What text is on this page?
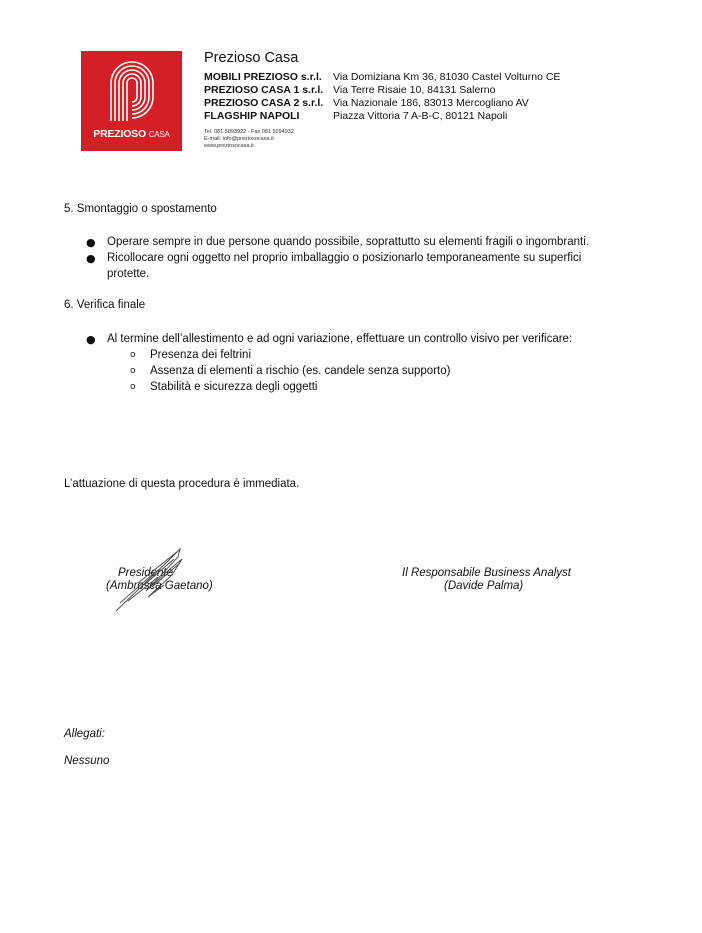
PREZIOSO CASA
Prezioso Casa
MOBILI PREZIOSO s.r.l. Via Domiziana Km 36, 81030 Castel Volturno CE
PREZIOSO CASA 1 s.r.l. Via Terre Risaie 10, 84131 Salerno
PREZIOSO CASA 2 s.r.l. Via Nazionale 186, 83013 Mercogliano AV
FLAGSHIP NAPOLI	Piazza Vittoria 7 A-B-C, 80121 Napoli
Tel. 081 5093922 - Fax 081 5094932
E-mail: info@preziosocasa.it
www.preziosocasa.it
5. Smontaggio o spostamento
● Operare sempre in due persone quando possibile, soprattutto su elementi fragili o ingombranti.
● Ricollocare ogni oggetto nel proprio imballaggio o posizionarlo temporaneamente su superfici
protette.
6. Verifica finale
● Al termine dell’allestimento e ad ogni variazione, effettuare un controllo visivo per verificare:
o Presenza dei feltrini
o Assenza di elementi a rischio (es. candele senza supporto)
o Stabilità e sicurezza degli oggetti
L’attuazione di questa procedura è immediata.
Presidente
(Ambrosca Gaetano)
Il Responsabile Business Analyst
(Davide Palma)
Allegati:
Nessuno
